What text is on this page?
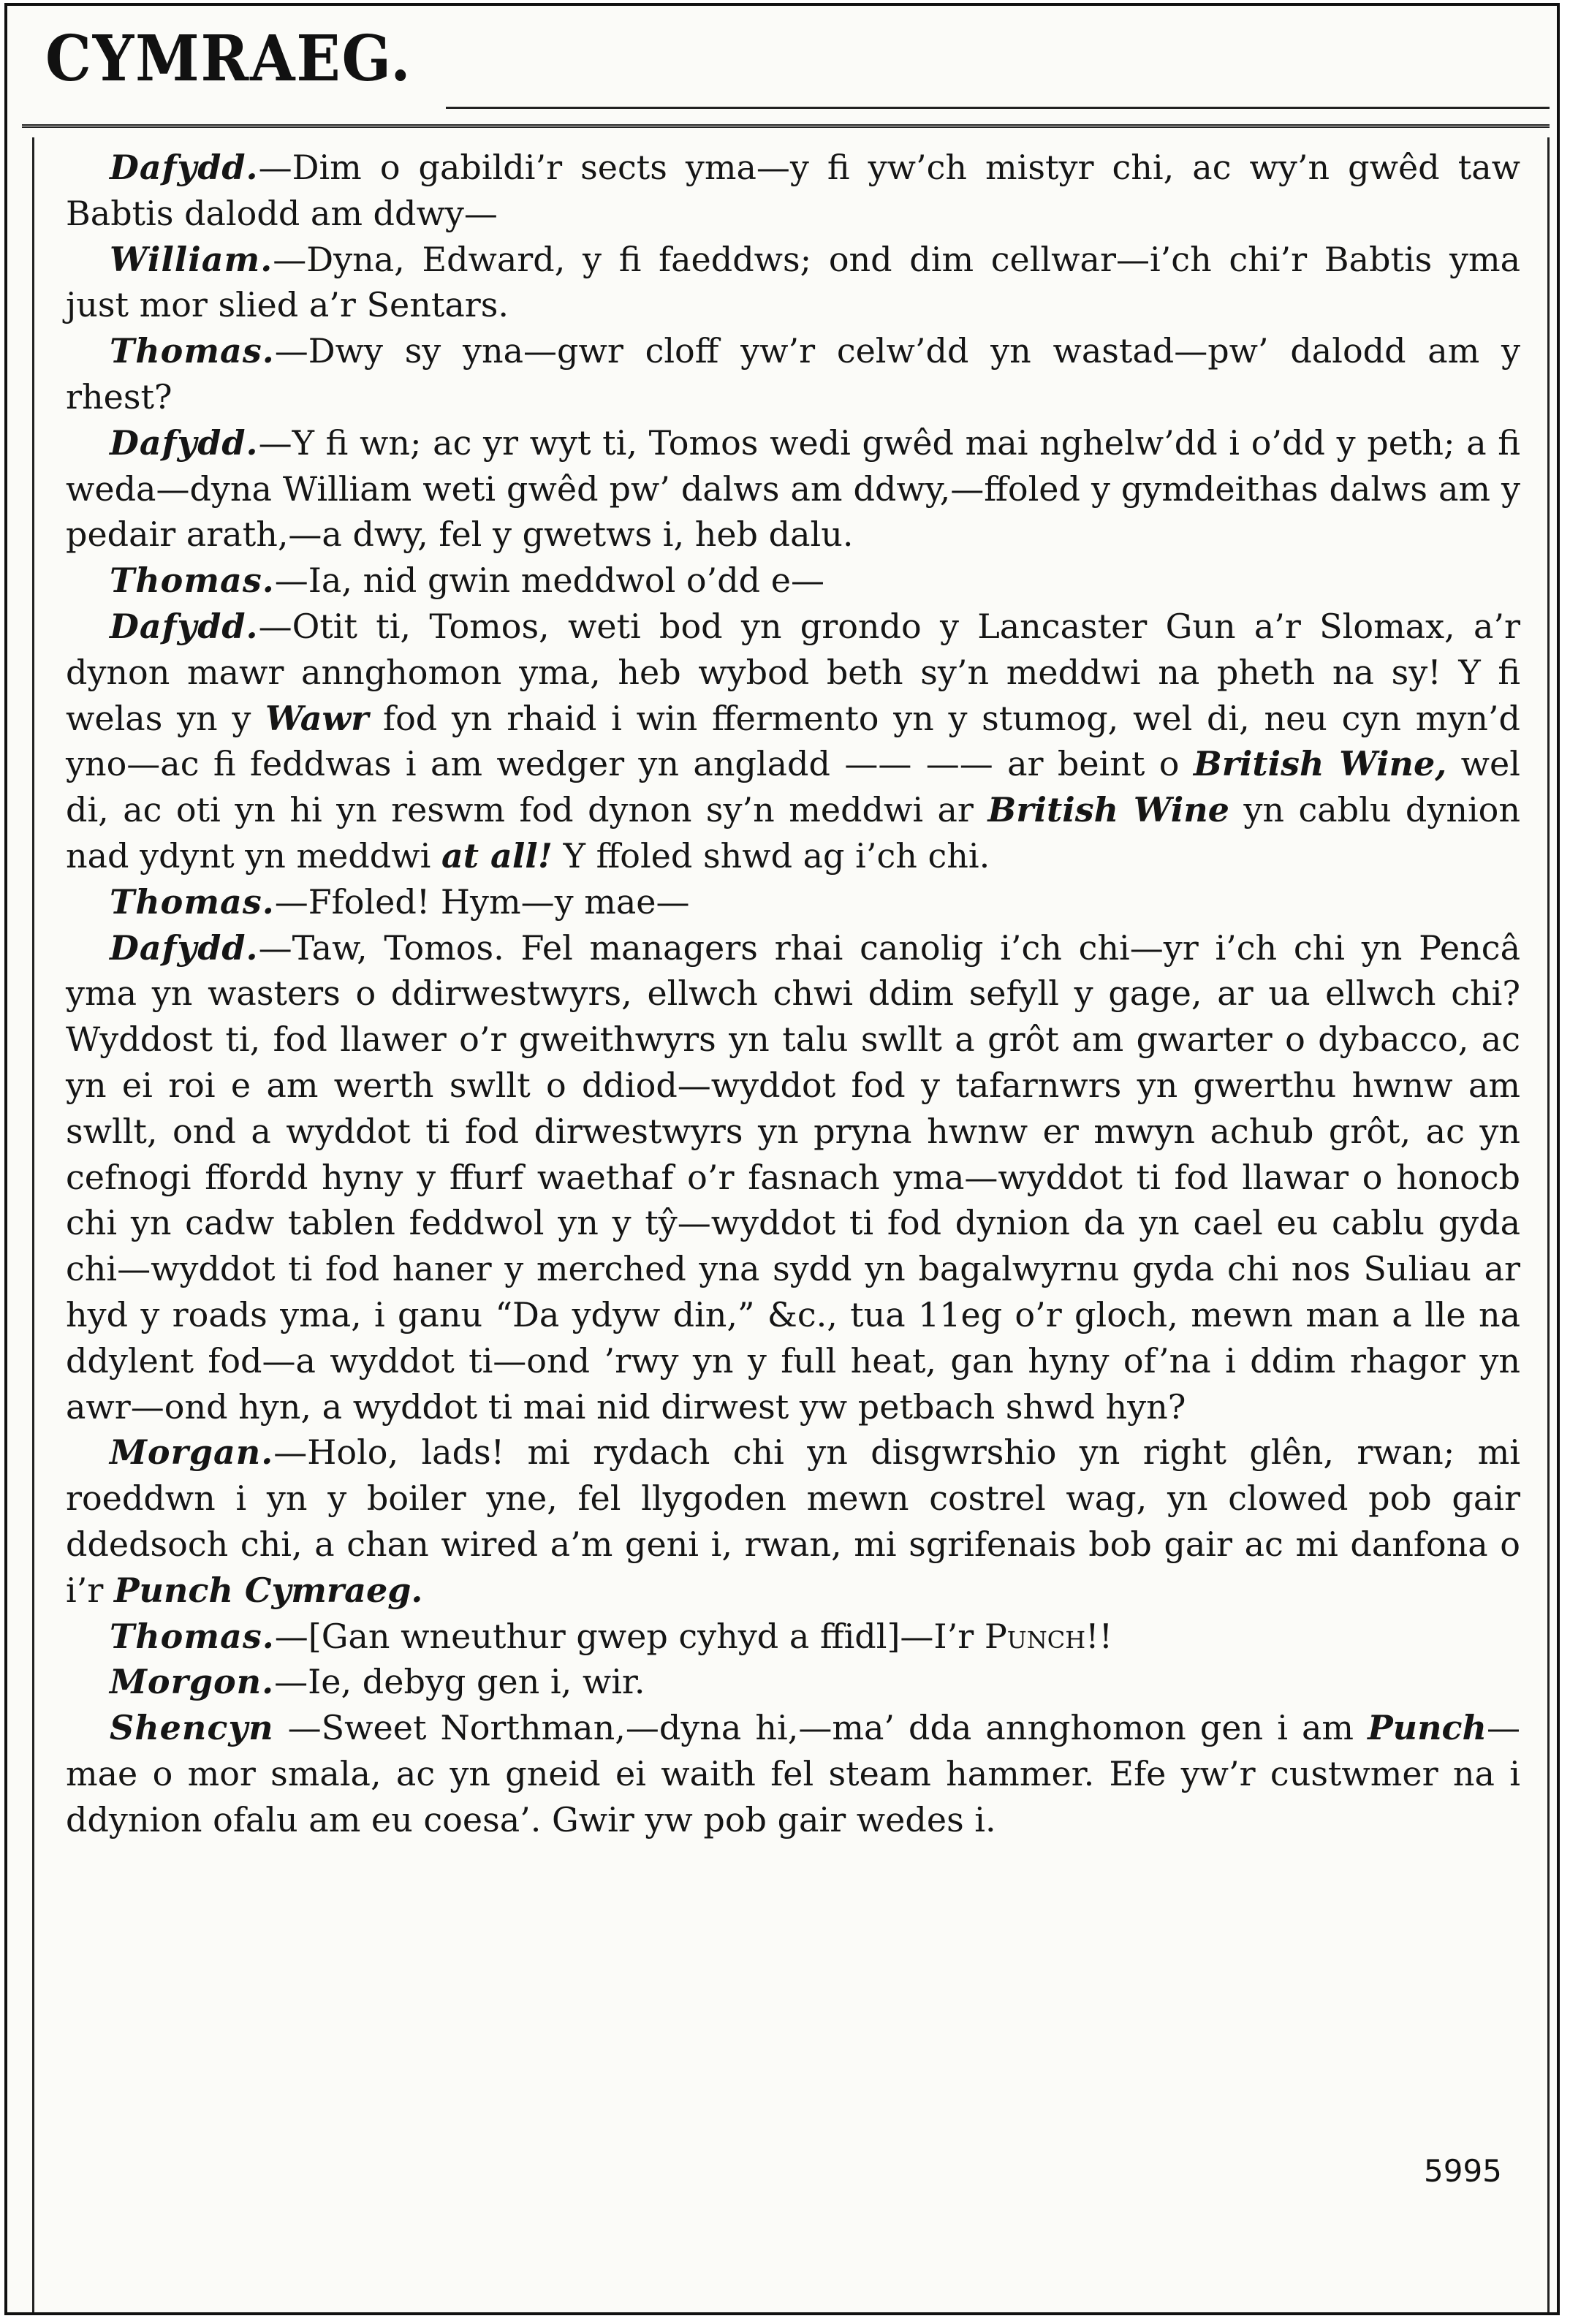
CYMRAEG.

Dafydd.—Dim o gabildi’r sects yma—y fi yw’ch mistyr chi, ac wy’n gwêd taw Babtis dalodd am ddwy—

William.—Dyna, Edward, y fi faeddws; ond dim cellwar—i’ch chi’r Babtis yma just mor slied a’r Sentars.

Thomas.—Dwy sy yna—gwr cloff yw’r celw’dd yn wastad—pw’ dalodd am y rhest?

Dafydd.—Y fi wn; ac yr wyt ti, Tomos wedi gwêd mai nghelw’dd i o’dd y peth; a fi weda—dyna William weti gwêd pw’ dalws am ddwy,—ffoled y gymdeithas dalws am y pedair arath,—a dwy, fel y gwetws i, heb dalu.

Thomas.—Ia, nid gwin meddwol o’dd e—

Dafydd.—Otit ti, Tomos, weti bod yn grondo y Lancaster Gun a’r Slomax, a’r dynon mawr annghomon yma, heb wybod beth sy’n meddwi na pheth na sy! Y fi welas yn y Wawr fod yn rhaid i win ffermento yn y stumog, wel di, neu cyn myn’d yno—ac fi feddwas i am wedger yn angladd —— —— ar beint o British Wine, wel di, ac oti yn hi yn reswm fod dynon sy’n meddwi ar British Wine yn cablu dynion nad ydynt yn meddwi at all! Y ffoled shwd ag i’ch chi.

Thomas.—Ffoled! Hym—y mae—

Dafydd.—Taw, Tomos. Fel managers rhai canolig i’ch chi—yr i’ch chi yn Pencâ yma yn wasters o ddirwestwyrs, ellwch chwi ddim sefyll y gage, ar ua ellwch chi? Wyddost ti, fod llawer o’r gweithwyrs yn talu swllt a grôt am gwarter o dybacco, ac yn ei roi e am werth swllt o ddiod—wyddot fod y tafarnwrs yn gwerthu hwnw am swllt, ond a wyddot ti fod dirwestwyrs yn pryna hwnw er mwyn achub grôt, ac yn cefnogi ffordd hyny y ffurf waethaf o’r fasnach yma—wyddot ti fod llawar o honocb chi yn cadw tablen feddwol yn y tŷ—wyddot ti fod dynion da yn cael eu cablu gyda chi—wyddot ti fod haner y merched yna sydd yn bagalwyrnu gyda chi nos Suliau ar hyd y roads yma, i ganu “Da ydyw din,” &c., tua 11eg o’r gloch, mewn man a lle na ddylent fod—a wyddot ti—ond ’rwy yn y full heat, gan hyny of’na i ddim rhagor yn awr—ond hyn, a wyddot ti mai nid dirwest yw petbach shwd hyn?

Morgan.—Holo, lads! mi rydach chi yn disgwrshio yn right glên, rwan; mi roeddwn i yn y boiler yne, fel llygoden mewn costrel wag, yn clowed pob gair ddedsoch chi, a chan wired a’m geni i, rwan, mi sgrifenais bob gair ac mi danfona o i’r Punch Cymraeg.

Thomas.—[Gan wneuthur gwep cyhyd a ffidl]—I’r Punch!!

Morgon.—Ie, debyg gen i, wir.

Shencyn —Sweet Northman,—dyna hi,—ma’ dda annghomon gen i am Punch—mae o mor smala, ac yn gneid ei waith fel steam hammer. Efe yw’r custwmer na i ddynion ofalu am eu coesa’. Gwir yw pob gair wedes i.

5995
